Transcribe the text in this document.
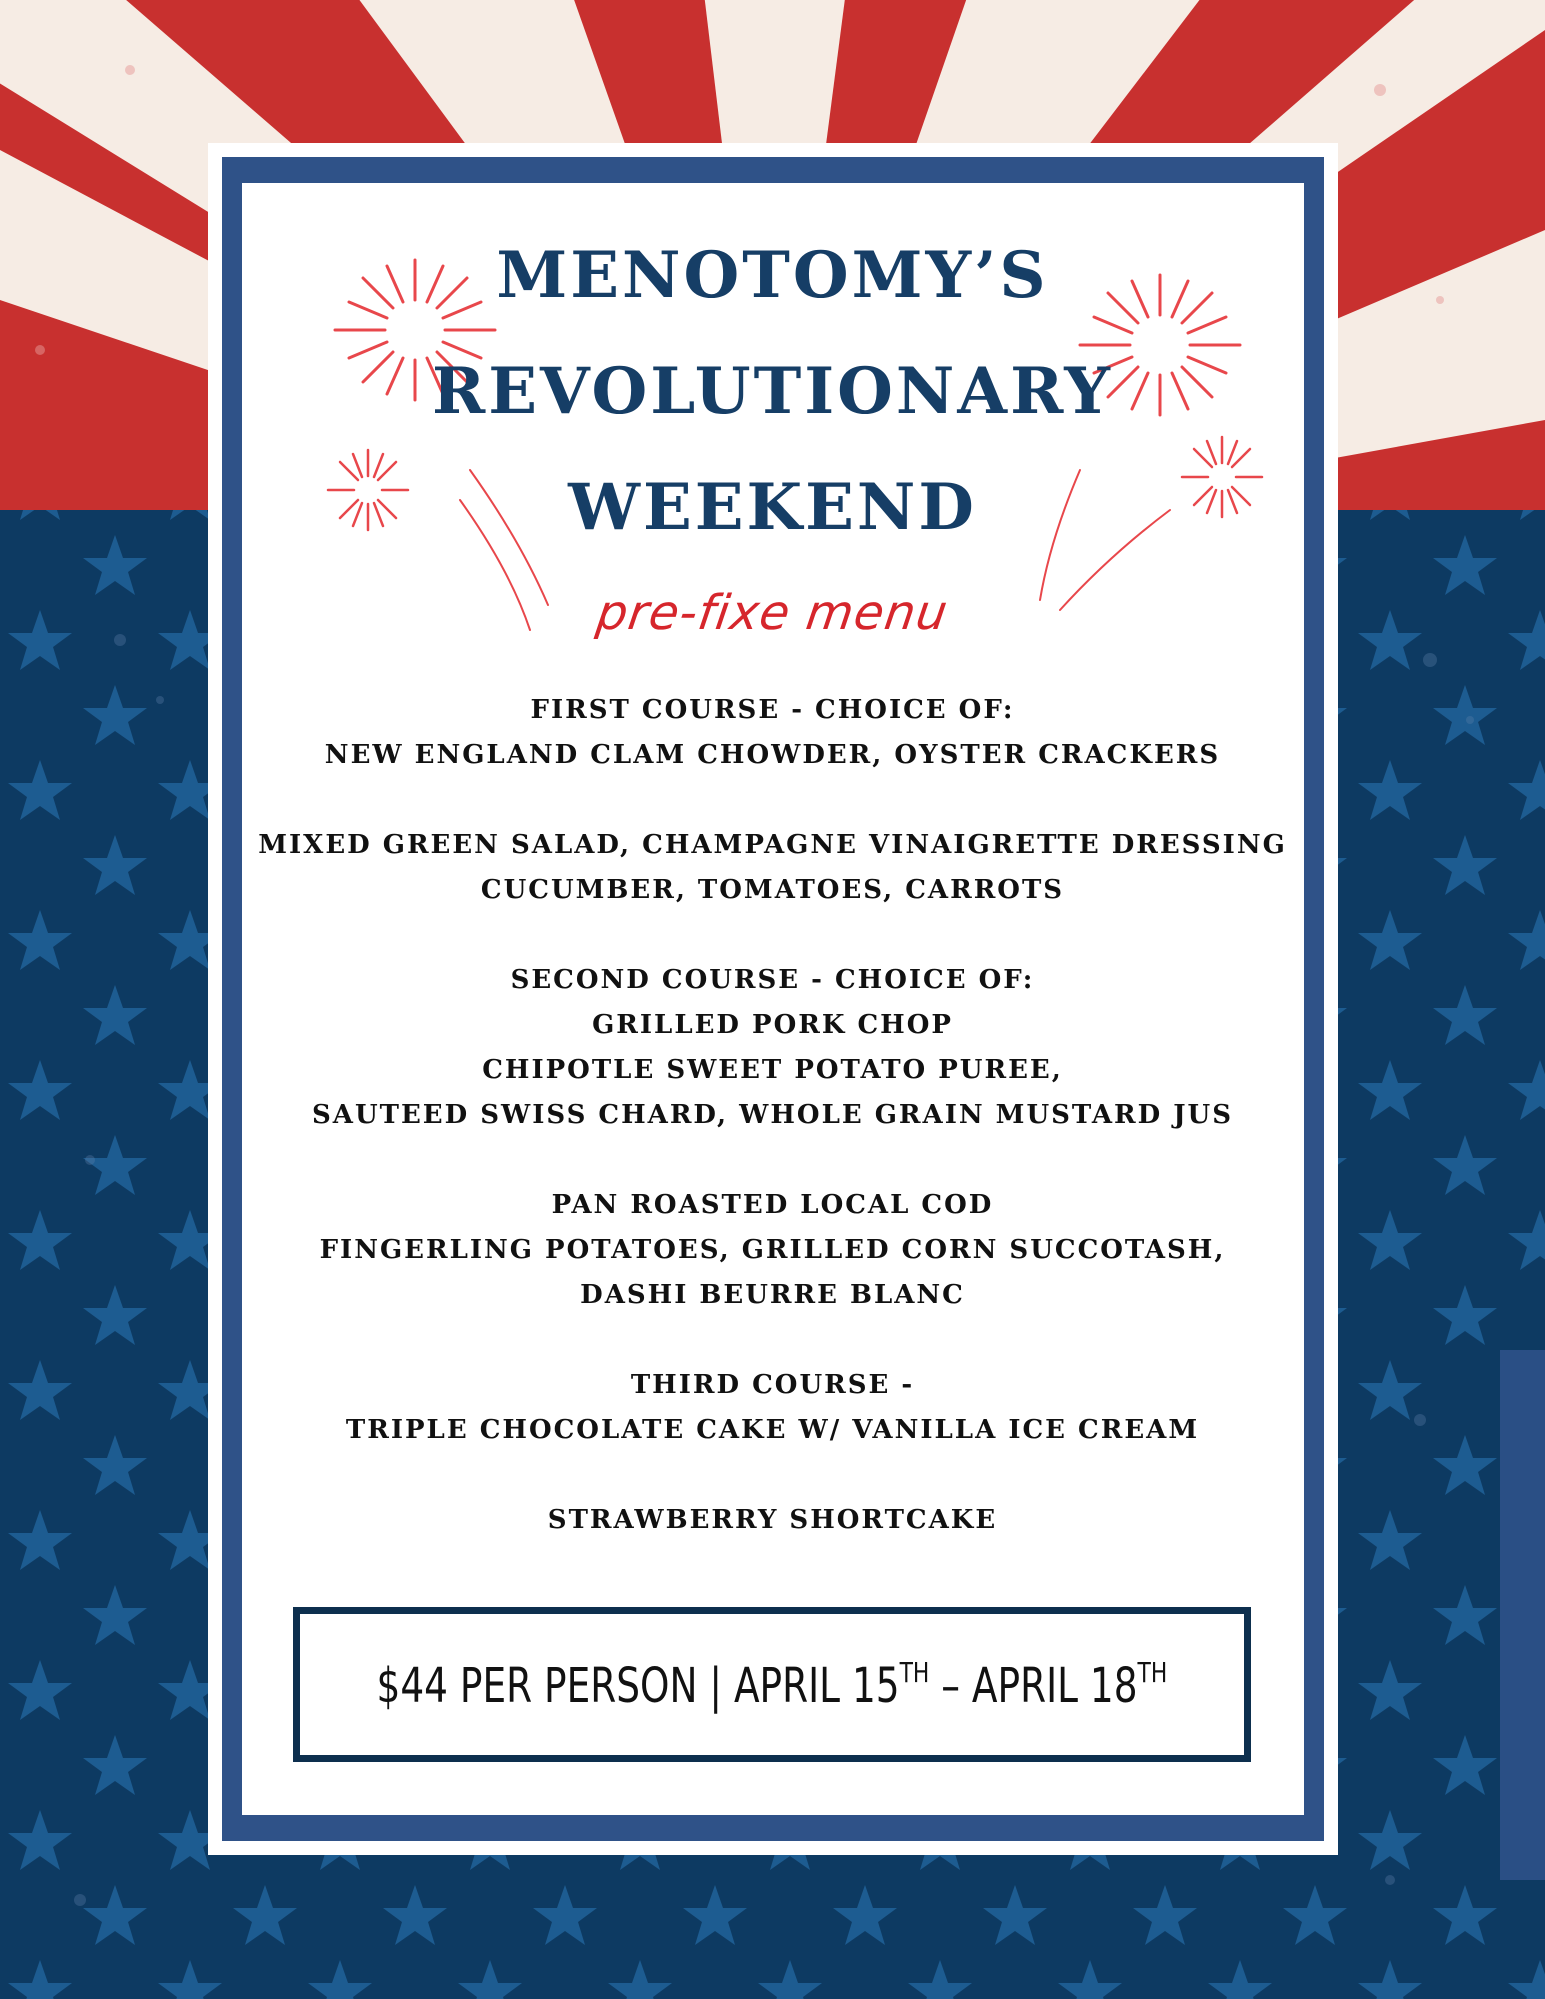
MENOTOMY’S
REVOLUTIONARY
WEEKEND
pre-fixe menu
FIRST COURSE - CHOICE OF:
NEW ENGLAND CLAM CHOWDER, OYSTER CRACKERS
MIXED GREEN SALAD, CHAMPAGNE VINAIGRETTE DRESSING
CUCUMBER, TOMATOES, CARROTS
SECOND COURSE - CHOICE OF:
GRILLED PORK CHOP
CHIPOTLE SWEET POTATO PUREE,
SAUTEED SWISS CHARD, WHOLE GRAIN MUSTARD JUS
PAN ROASTED LOCAL COD
FINGERLING POTATOES, GRILLED CORN SUCCOTASH,
DASHI BEURRE BLANC
THIRD COURSE -
TRIPLE CHOCOLATE CAKE W/ VANILLA ICE CREAM
STRAWBERRY SHORTCAKE
$44 PER PERSON | APRIL 15TH – APRIL 18TH
